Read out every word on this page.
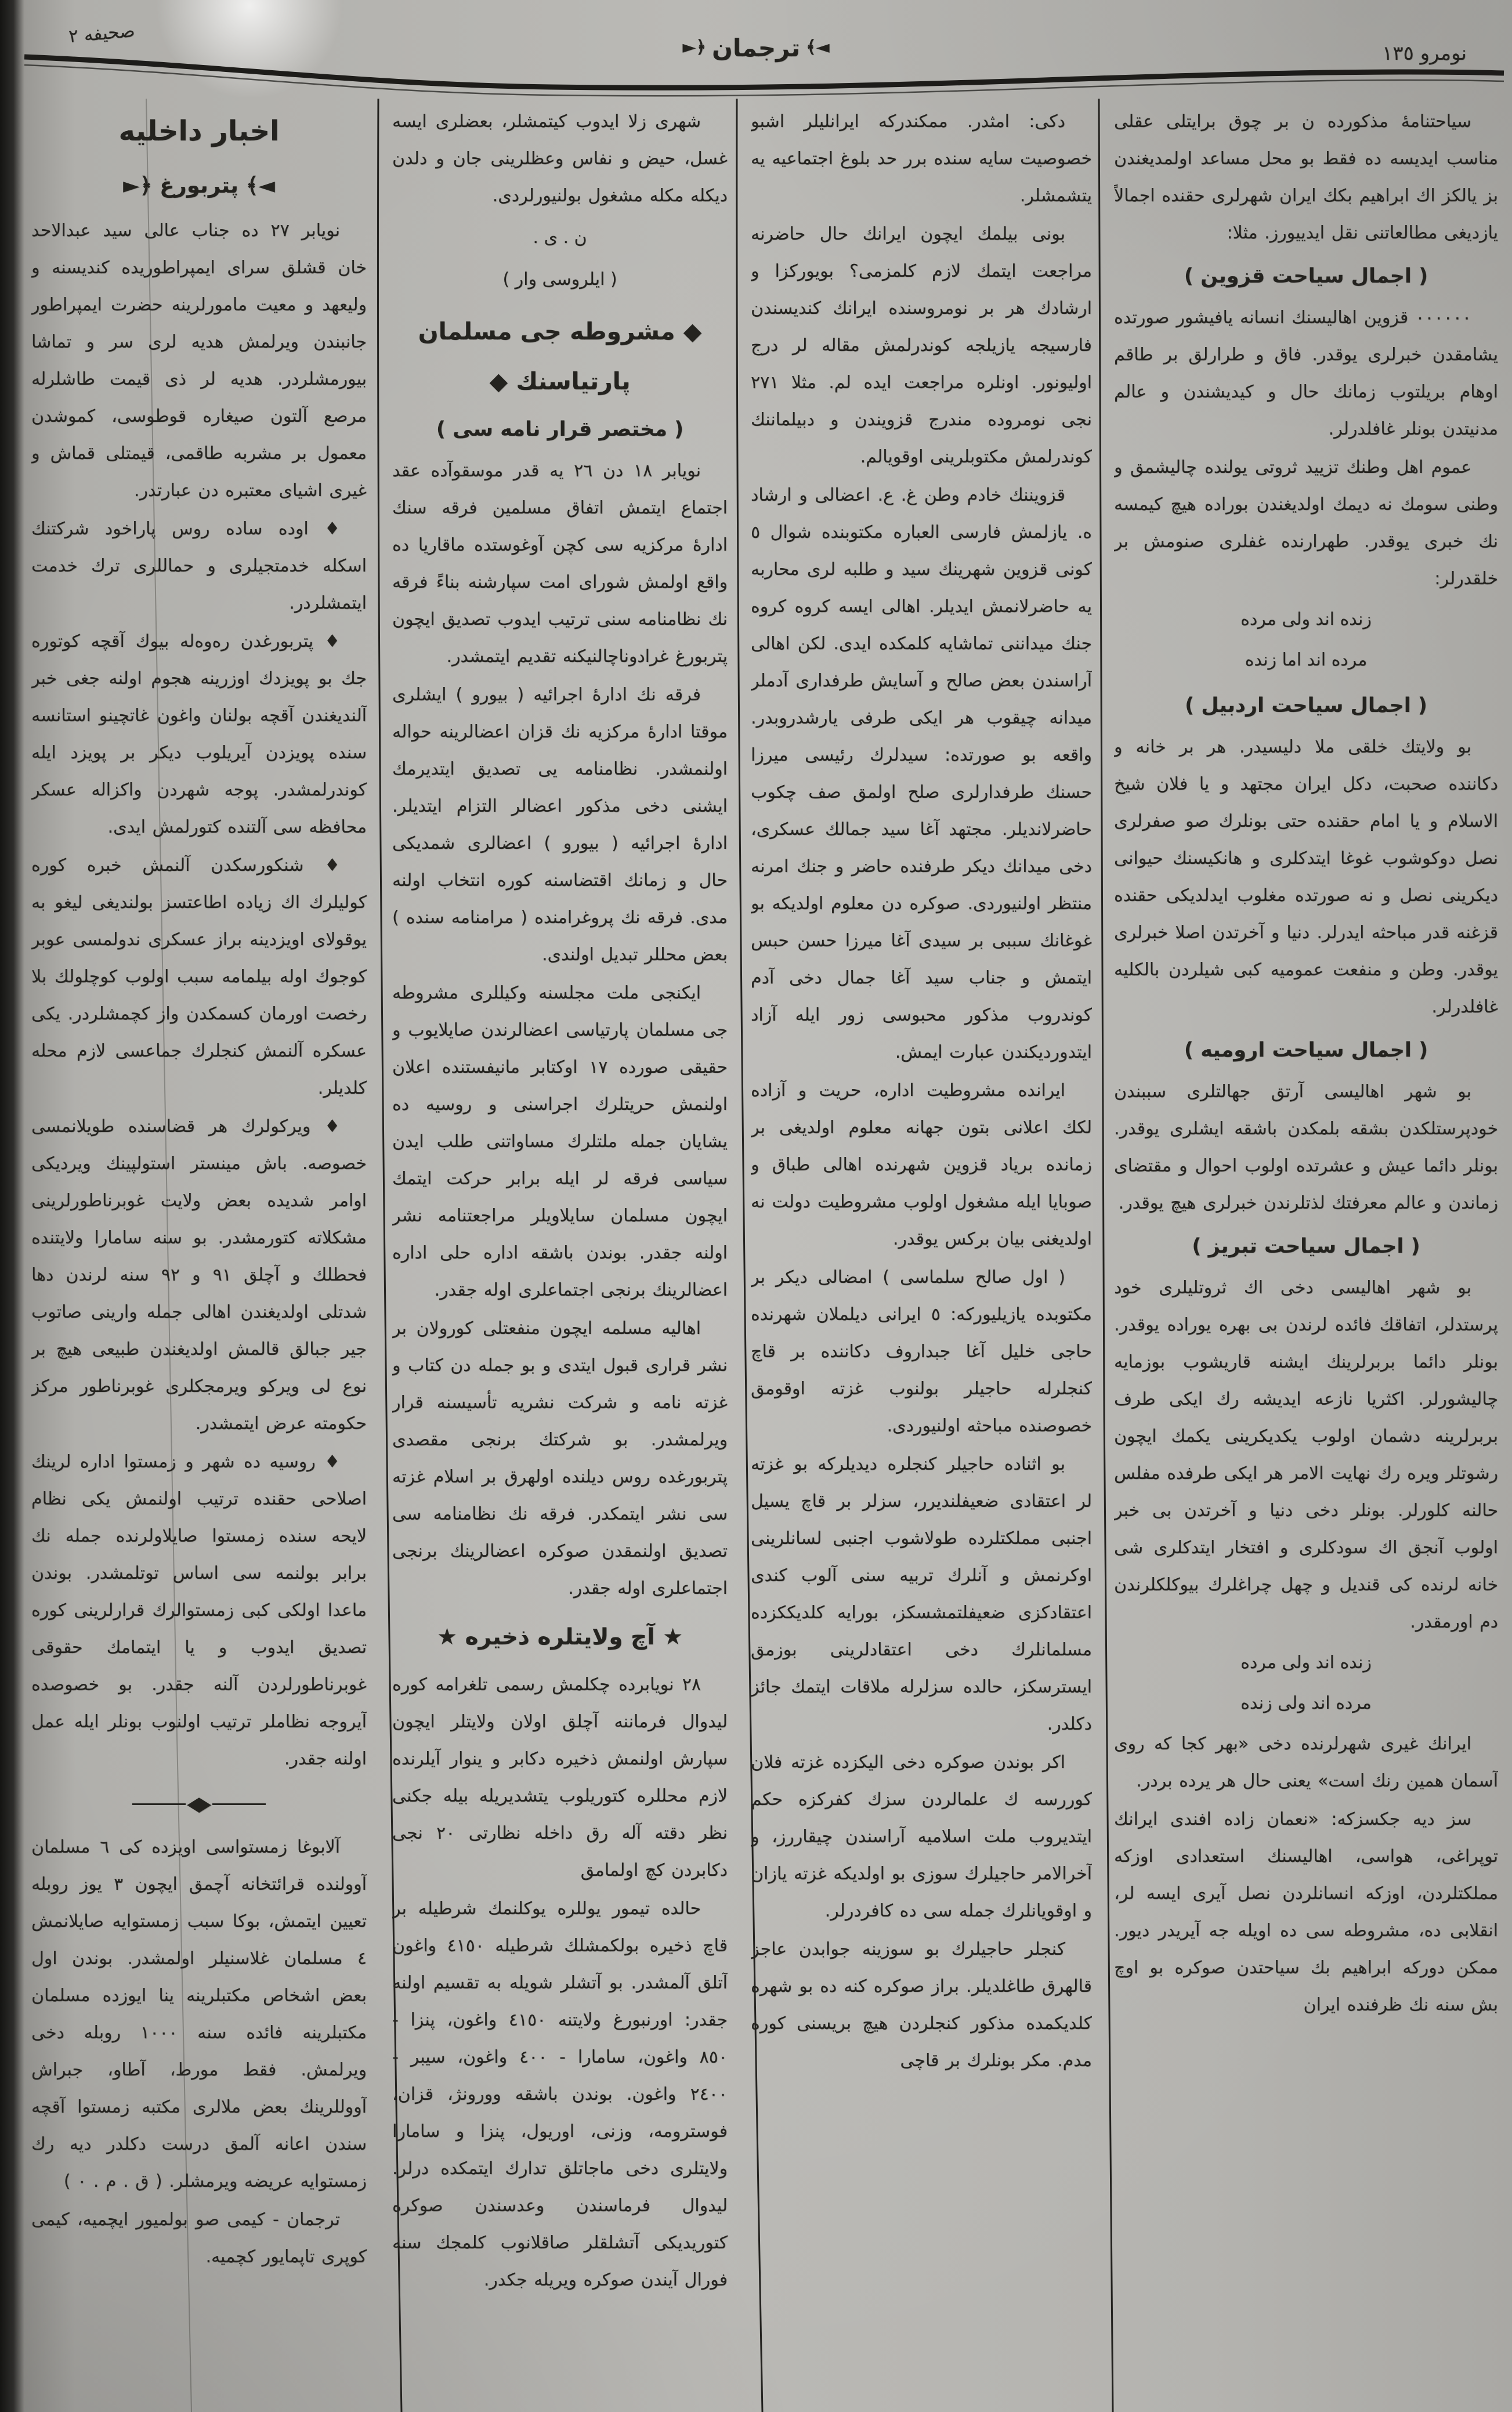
صحيفه ٢
◄﴾ترجمان﴿►	نومرو ١٣٥
سياحتنامهٔ مذكورده ن بر چوق برايتلى عقلى مناسب ايديسه ده فقط بو محل مساعد اولمديغندن بز يالكز اك ابراهيم بكك ايران شهرلرى حقنده اجمالاً يازديغى مطالعاتنى نقل ايدييورز. مثلا:
( اجمال سياحت قزوين )
٠٠٠٠٠٠ قزوين اهاليسنك انسانه يافيشور صورتده يشامقدن خبرلرى يوقدر. فاق و طرارلق بر طاقم اوهام بريلتوب زمانك حال و كيديشندن و عالم مدنيتدن بونلر غافلدرلر.
عموم اهل وطنك تزييد ثروتى يولنده چاليشمق و وطنى سومك نه ديمك اولديغندن بوراده هيچ كيمسه نك خبرى يوقدر. طهرارنده غفلرى صنومش بر خلقدرلر:
زنده اند ولى مرده
مرده اند اما زنده
( اجمال سياحت اردبيل )
بو ولايتك خلقى ملا دليسيدر. هر بر خانه و دكاننده صحبت، دكل ايران مجتهد و يا فلان شيخ الاسلام و يا امام حقنده حتى بونلرك صو صفرلرى نصل دوكوشوب غوغا ايتدكلرى و هانكيسنك حيوانى ديكرينى نصل و نه صورتده مغلوب ايدلديكى حقنده قزغنه قدر مباحثه ايدرلر. دنيا و آخرتدن اصلا خبرلرى يوقدر. وطن و منفعت عموميه كبى شيلردن بالكليه غافلدرلر.
( اجمال سياحت اروميه )
بو شهر اهاليسى آرتق جهالتلرى سببندن خودپرستلكدن بشقه بلمكدن باشقه ايشلرى يوقدر. بونلر دائما عيش و عشرتده اولوب احوال و مقتضاى زماندن و عالم معرفتك لذتلرندن خبرلرى هيچ يوقدر.
( اجمال سياحت تبريز )
بو شهر اهاليسى دخى اك ثروتليلرى خود پرستدلر، اتفاقك فائده لرندن بى بهره يوراده يوقدر. بونلر دائما بربرلرينك ايشنه قاريشوب بوزمايه چاليشورلر. اكثريا نازعه ايديشه رك ايكى طرف بربرلرينه دشمان اولوب يكديكرينى يكمك ايچون رشوتلر ويره رك نهايت الامر هر ايكى طرفده مفلس حالنه كلورلر. بونلر دخى دنيا و آخرتدن بى خبر اولوب آنجق اك سودكلرى و افتخار ايتدكلرى شى خانه لرنده كى قنديل و چهل چراغلرك بيوكلكلرندن دم اورمقدر.
زنده اند ولى مرده
مرده اند ولى زنده
ايرانك غيرى شهرلرنده دخى «بهر كجا كه روى آسمان همين رنك است» يعنى حال هر يرده بردر.
سز ديه جكسزكه: «نعمان زاده افندى ايرانك توپراغى، هواسى، اهاليسنك استعدادى اوزكه مملكتلردن، اوزكه انسانلردن نصل آيرى ايسه لر، انقلابى ده، مشروطه سى ده اويله جه آيريدر ديور. ممكن دوركه ابراهيم بك سياحتدن صوكره بو اوچ بش سنه نك ظرفنده ايران
دكى: امثدر. ممكندركه ايرانليلر اشبو خصوصيت سايه سنده برر حد بلوغ اجتماعيه يه يتشمشلر.
بونى بيلمك ايچون ايرانك حال حاضرنه مراجعت ايتمك لازم كلمزمى؟ بويوركزا و ارشادك هر بر نومروسنده ايرانك كنديسندن فارسيجه يازيلجه كوندرلمش مقاله لر درج اولیونور. اونلره مراجعت ايده لم. مثلا ٢٧١ نجى نومروده مندرج قزويندن و دبيلماننك كوندرلمش مكتوبلرينى اوقويالم.
قزويننك خادم وطن غ. ع. اعضالى و ارشاد ه. يازلمش فارسى العباره مكتوبنده شوال ٥ كونى قزوين شهرينك سيد و طلبه لرى محاربه يه حاضرلانمش ايديلر. اهالى ايسه كروه كروه جنك ميداننى تماشايه كلمكده ايدى. لكن اهالى آراسندن بعض صالح و آسايش طرفدارى آدملر ميدانه چيقوب هر ايكى طرفى يارشدروبدر. واقعه بو صورتده: سيدلرك رئيسى ميرزا حسنك طرفدارلرى صلح اولمق صف چكوب حاضرلانديلر. مجتهد آغا سيد جمالك عسكرى، دخى ميدانك ديكر طرفنده حاضر و جنك امرنه منتظر اولنيوردى. صوكره دن معلوم اولديكه بو غوغانك سببى بر سيدى آغا ميرزا حسن حبس ايتمش و جناب سيد آغا جمال دخى آدم كوندروب مذكور محبوسى زور ايله آزاد ايتدورديكندن عبارت ايمش.
ايرانده مشروطيت اداره، حريت و آزاده لكك اعلانى بتون جهانه معلوم اولديغى بر زمانده برياد قزوين شهرنده اهالى طباق و صوبايا ايله مشغول اولوب مشروطيت دولت نه اولديغنى بيان بركس يوقدر.
( اول صالح سلماسى ) امضالى ديكر بر مكتوبده يازيليوركه: ٥ ايرانى ديلملان شهرنده حاجى خليل آغا جبداروف دكاننده بر قاچ كنجلرله حاجيلر بولنوب غزته اوقومق خصوصنده مباحثه اولنيوردى.
بو اثناده حاجيلر كنجلره ديديلركه بو غزته لر اعتقادى ضعيفلنديرر، سزلر بر قاچ يسيل اجنبى مملكتلرده طولاشوب اجنبى لسانلرينى اوكرنمش و آنلرك تربيه سنى آلوب كندى اعتقادكزى ضعيفلتمشسكز، بورايه كلديككزده مسلمانلرك دخى اعتقادلرينى بوزمق ايسترسكز، حالده سزلرله ملاقات ايتمك جائز دكلدر.
اكر بوندن صوكره دخى اليكزده غزته فلان كوررسه ك علمالردن سزك كفركزه حكم ايتديروب ملت اسلاميه آراسندن چيقاررز، و آخرالامر حاجيلرك سوزى بو اولديكه غزته يازان و اوقويانلرك جمله سى ده كافردرلر.
كنجلر حاجيلرك بو سوزينه جوابدن عاجز قالهرق طاغلديلر. براز صوكره كنه ده بو شهره كلديكمده مذكور كنجلردن هيچ بريسنى كوره مدم. مكر بونلرك بر قاچى
شهرى زلا ايدوب كيتمشلر، بعضلرى ايسه غسل، حيض و نفاس وعظلرينى جان و دلدن ديكله مكله مشغول بولنيورلردى.
ن . ى .
( ايلروسى وار )
◆ مشروطه جى مسلمان پارتياسنك ◆
( مختصر قرار نامه سى )
نويابر ١٨ دن ٢٦ يه قدر موسقوآده عقد اجتماع ايتمش اتفاق مسلمين فرقه سنك ادارهٔ مركزيه سى كچن آوغوستده ماقاريا ده واقع اولمش شوراى امت سپارشنه بناءً فرقه نك نظامنامه سنى ترتيب ايدوب تصديق ايچون پتربورغ غرادوناچالنيكنه تقديم ايتمشدر.
فرقه نك ادارهٔ اجرائيه ( بيورو ) ايشلرى موقتا ادارهٔ مركزيه نك قزان اعضالرينه حواله اولنمشدر. نظامنامه يى تصديق ايتديرمك ايشنى دخى مذكور اعضالر التزام ايتديلر. ادارهٔ اجرائيه ( بيورو ) اعضالرى شمديكى حال و زمانك اقتضاسنه كوره انتخاب اولنه مدى. فرقه نك پروغرامنده ( مرامنامه سنده ) بعض محللر تبديل اولندى.
ايكنجى ملت مجلسنه وكيللرى مشروطه جى مسلمان پارتياسى اعضالرندن صايلايوب و حقيقى صورده ١٧ اوكتابر مانيفستنده اعلان اولنمش حريتلرك اجراسنى و روسيه ده يشايان جمله ملتلرك مساواتنى طلب ايدن سياسى فرقه لر ايله برابر حركت ايتمك ايچون مسلمان سايلاويلر مراجعتنامه نشر اولنه جقدر. بوندن باشقه اداره حلى اداره اعضالرينك برنجى اجتماعلرى اوله جقدر.
اهاليه مسلمه ايچون منفعتلى كورولان بر نشر قرارى قبول ايتدى و بو جمله دن كتاب و غزته نامه و شركت نشريه تأسيسنه قرار ويرلمشدر. بو شركتك برنجى مقصدى پتربورغده روس ديلنده اولهرق بر اسلام غزته سى نشر ايتمكدر. فرقه نك نظامنامه سى تصديق اولنمقدن صوكره اعضالرينك برنجى اجتماعلرى اوله جقدر.
★ آچ ولايتلره ذخيره ★
٢٨ نويابرده چكلمش رسمى تلغرامه كوره ليدوال فرماننه آچلق اولان ولايتلر ايچون سپارش اولنمش ذخيره دكابر و ينوار آيلرنده لازم محللره كتوريلوب يتشديريله بيله جكنى نظر دقته آله رق داخله نظارتى ٢٠ نجى دكابردن كچ اولمامق
حالده تيمور يوللره يوكلنمك شرطيله بر قاچ ذخيره بولكمشلك شرطيله ٤١٥٠ واغون آتلق آلمشدر. بو آتشلر شويله به تقسيم اولنه جقدر: اورنبورغ ولايتنه ٤١٥٠ واغون، پنزا - ٨٥٠ واغون، سامارا - ٤٠٠ واغون، سيبر - ٢٤٠٠ واغون. بوندن باشقه وورونژ، قزان، فوسترومه، وزنى، اوريول، پنزا و سامارا ولايتلرى دخى ماجاتلق تدارك ايتمكده درلر. ليدوال فرماسندن وعدسندن صوكره كتوريديكى آتشلقلر صاقلانوب كلمجك سنه فورال آيندن صوكره ويريله جكدر.
اخبار داخليه
◄﴾ پتربورغ ﴿►
نويابر ٢٧ ده جناب عالى سيد عبدالاحد خان قشلق سراى ايمپراطوريده كنديسنه و وليعهد و معيت مامورلرينه حضرت ايمپراطور جانبندن ويرلمش هديه لرى سر و تماشا بيورمشلردر. هديه لر ذى قيمت طاشلرله مرصع آلتون صيغاره قوطوسى، كموشدن معمول بر مشربه طاقمى، قيمتلى قماش و غيرى اشياى معتبره دن عبارتدر.
♦ اوده ساده روس پاراخود شركتنك اسكله خدمتجيلرى و حماللرى ترك خدمت ايتمشلردر.
♦ پتربورغدن رەوەله بيوك آقچه كوتوره جك بو پويزدك اوزرينه هجوم اولنه جغى خبر آلنديغندن آقچه بولنان واغون غاتچينو استانسه سنده پويزدن آيريلوب ديكر بر پويزد ايله كوندرلمشدر. پوجه شهردن واكزاله عسكر محافظه سى آلتنده كتورلمش ايدى.
♦ شنكورسكدن آلنمش خبره كوره كوليلرك اك زياده اطاعتسز بولنديغى ليغو به يوقولای اويزدينه براز عسكرى ندولمسى عوبر كوجوك اوله بيلمامه سبب اولوب كوچلولك بلا رخصت اورمان كسمكدن واز كچمشلردر. يكى عسكره آلنمش كنجلرك جماعسى لازم محله كلديلر.
♦ ويركولرك هر قضاسنده طويلانمسى خصوصه. باش مينستر استولپينك ويرديكى اوامر شديده بعض ولايت غوبرناطورلرينى مشكلاته كتورمشدر. بو سنه سامارا ولايتنده فحطلك و آچلق ٩١ و ٩٢ سنه لرندن دها شدتلى اولديغندن اهالى جمله وارينى صاتوب جير جبالق قالمش اولديغندن طبيعى هيچ بر نوع لى ويركو ويرمجكلرى غوبرناطور مركز حكومته عرض ايتمشدر.
♦ روسيه ده شهر و زمستوا اداره لرينك اصلاحى حقنده ترتيب اولنمش يكى نظام لايحه سنده زمستوا صايلاولرنده جمله نك برابر بولنمه سى اساس توتلمشدر. بوندن ماعدا اولكى كبى زمستوالرك قرارلرينى كوره تصديق ايدوب و يا ايتمامك حقوقى غوبرناطورلردن آلنه جقدر. بو خصوصده آيروجه نظاملر ترتيب اولنوب بونلر ايله عمل اولنه جقدر.
◆
آلابوغا زمستواسى اويزده كى ٦ مسلمان آوولنده قرائتخانه آچمق ايچون ٣ يوز روبله تعيين ايتمش، بوكا سبب زمستوايه صايلانمش ٤ مسلمان غلاسنيلر اولمشدر. بوندن اول بعض اشخاص مكتبلرينه ينا ايوزده مسلمان مكتبلرينه فائده سنه ١٠٠٠ روبله دخى ويرلمش. فقط مورط، آطاو، جبراش آووللرينك بعض ملالرى مكتبه زمستوا آقچه سندن اعانه آلمق درست دكلدر ديه رك زمستوايه عريضه ويرمشلر. ( ق . م . ٠ )
ترجمان - كيمى صو بولميور ايچميه، كيمى كوپرى تاپمايور كچميه.
